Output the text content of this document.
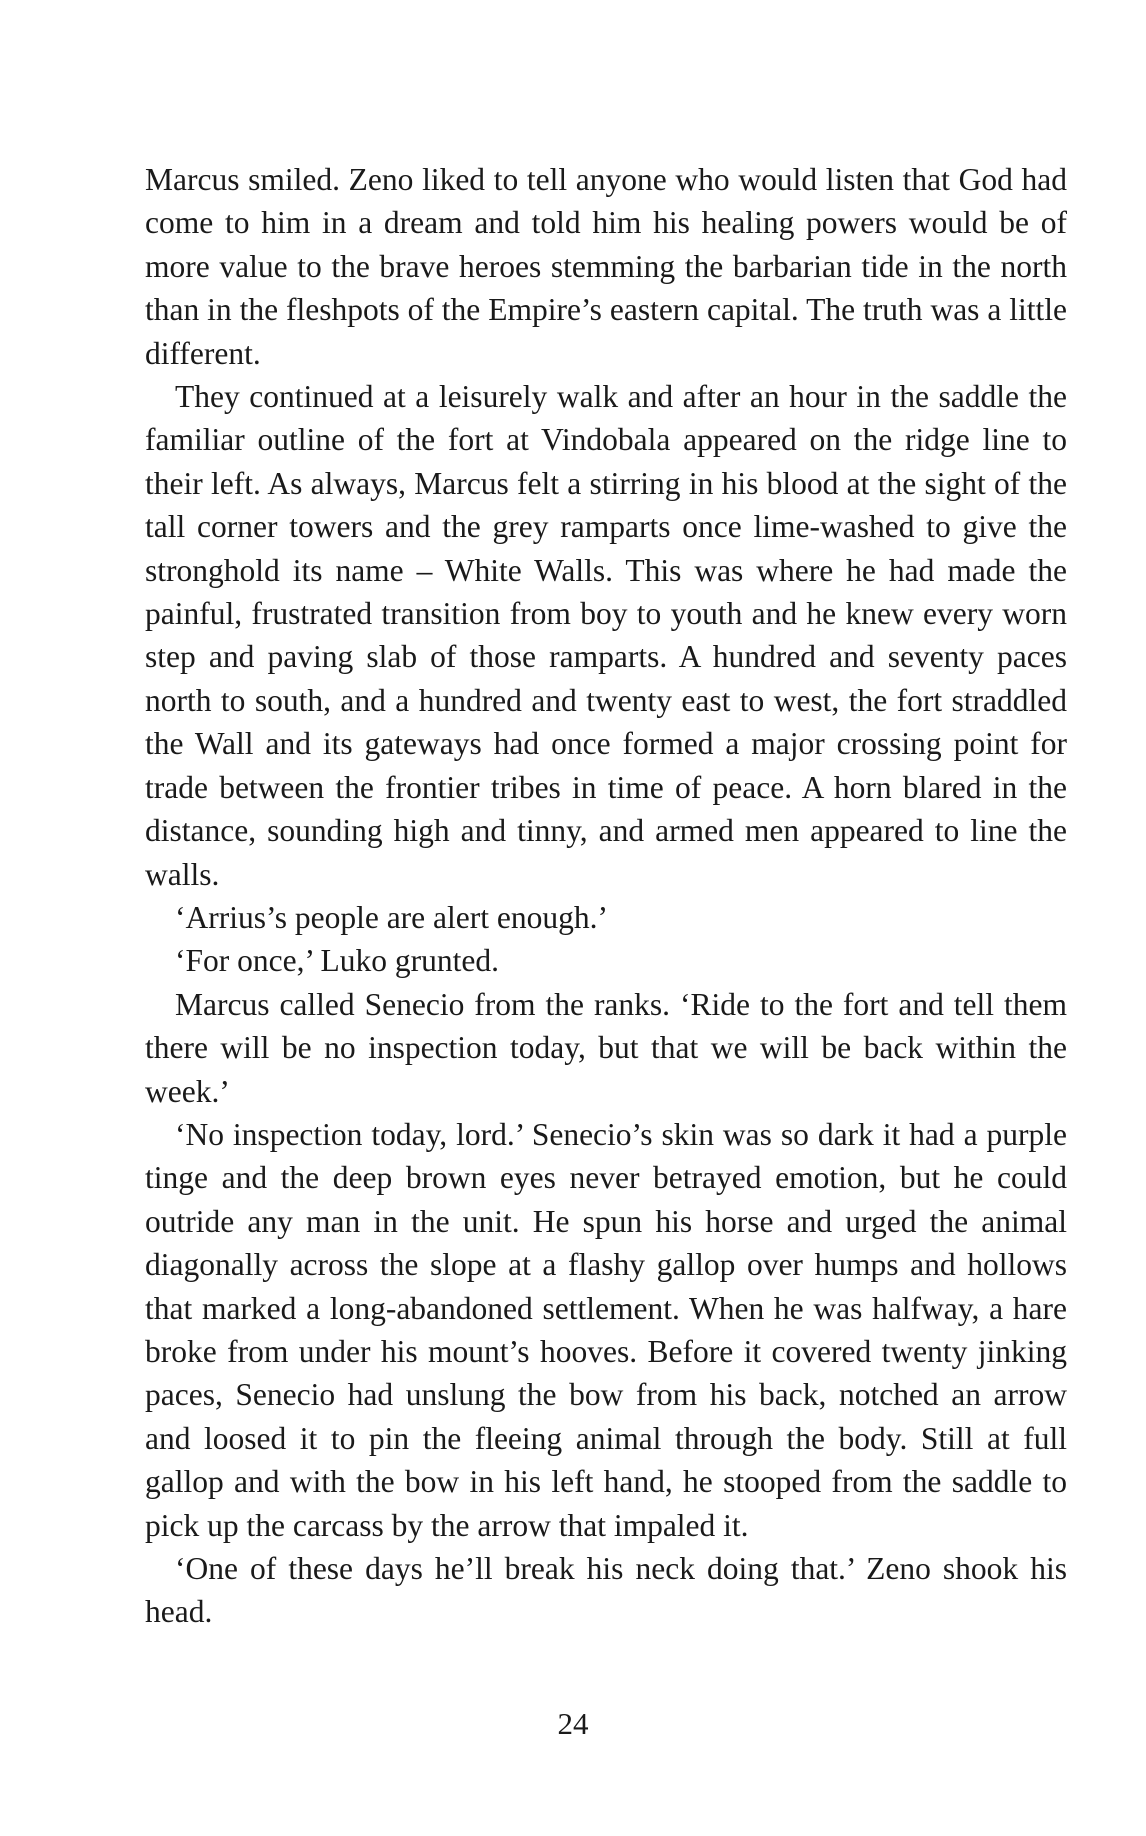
Marcus smiled. Zeno liked to tell anyone who would listen that God had come to him in a dream and told him his healing powers would be of more value to the brave heroes stemming the barbarian tide in the north than in the fleshpots of the Empire’s eastern capital. The truth was a little different.

They continued at a leisurely walk and after an hour in the saddle the familiar outline of the fort at Vindobala appeared on the ridge line to their left. As always, Marcus felt a stirring in his blood at the sight of the tall corner towers and the grey ramparts once lime-washed to give the stronghold its name – White Walls. This was where he had made the painful, frustrated transition from boy to youth and he knew every worn step and paving slab of those ramparts. A hundred and seventy paces north to south, and a hundred and twenty east to west, the fort straddled the Wall and its gateways had once formed a major crossing point for trade between the frontier tribes in time of peace. A horn blared in the distance, sounding high and tinny, and armed men appeared to line the walls.

‘Arrius’s people are alert enough.’

‘For once,’ Luko grunted.

Marcus called Senecio from the ranks. ‘Ride to the fort and tell them there will be no inspection today, but that we will be back within the week.’

‘No inspection today, lord.’ Senecio’s skin was so dark it had a purple tinge and the deep brown eyes never betrayed emotion, but he could outride any man in the unit. He spun his horse and urged the animal diagonally across the slope at a flashy gallop over humps and hollows that marked a long-abandoned settlement. When he was halfway, a hare broke from under his mount’s hooves. Before it covered twenty jinking paces, Senecio had unslung the bow from his back, notched an arrow and loosed it to pin the fleeing animal through the body. Still at full gallop and with the bow in his left hand, he stooped from the saddle to pick up the carcass by the arrow that impaled it.

‘One of these days he’ll break his neck doing that.’ Zeno shook his head.

24
